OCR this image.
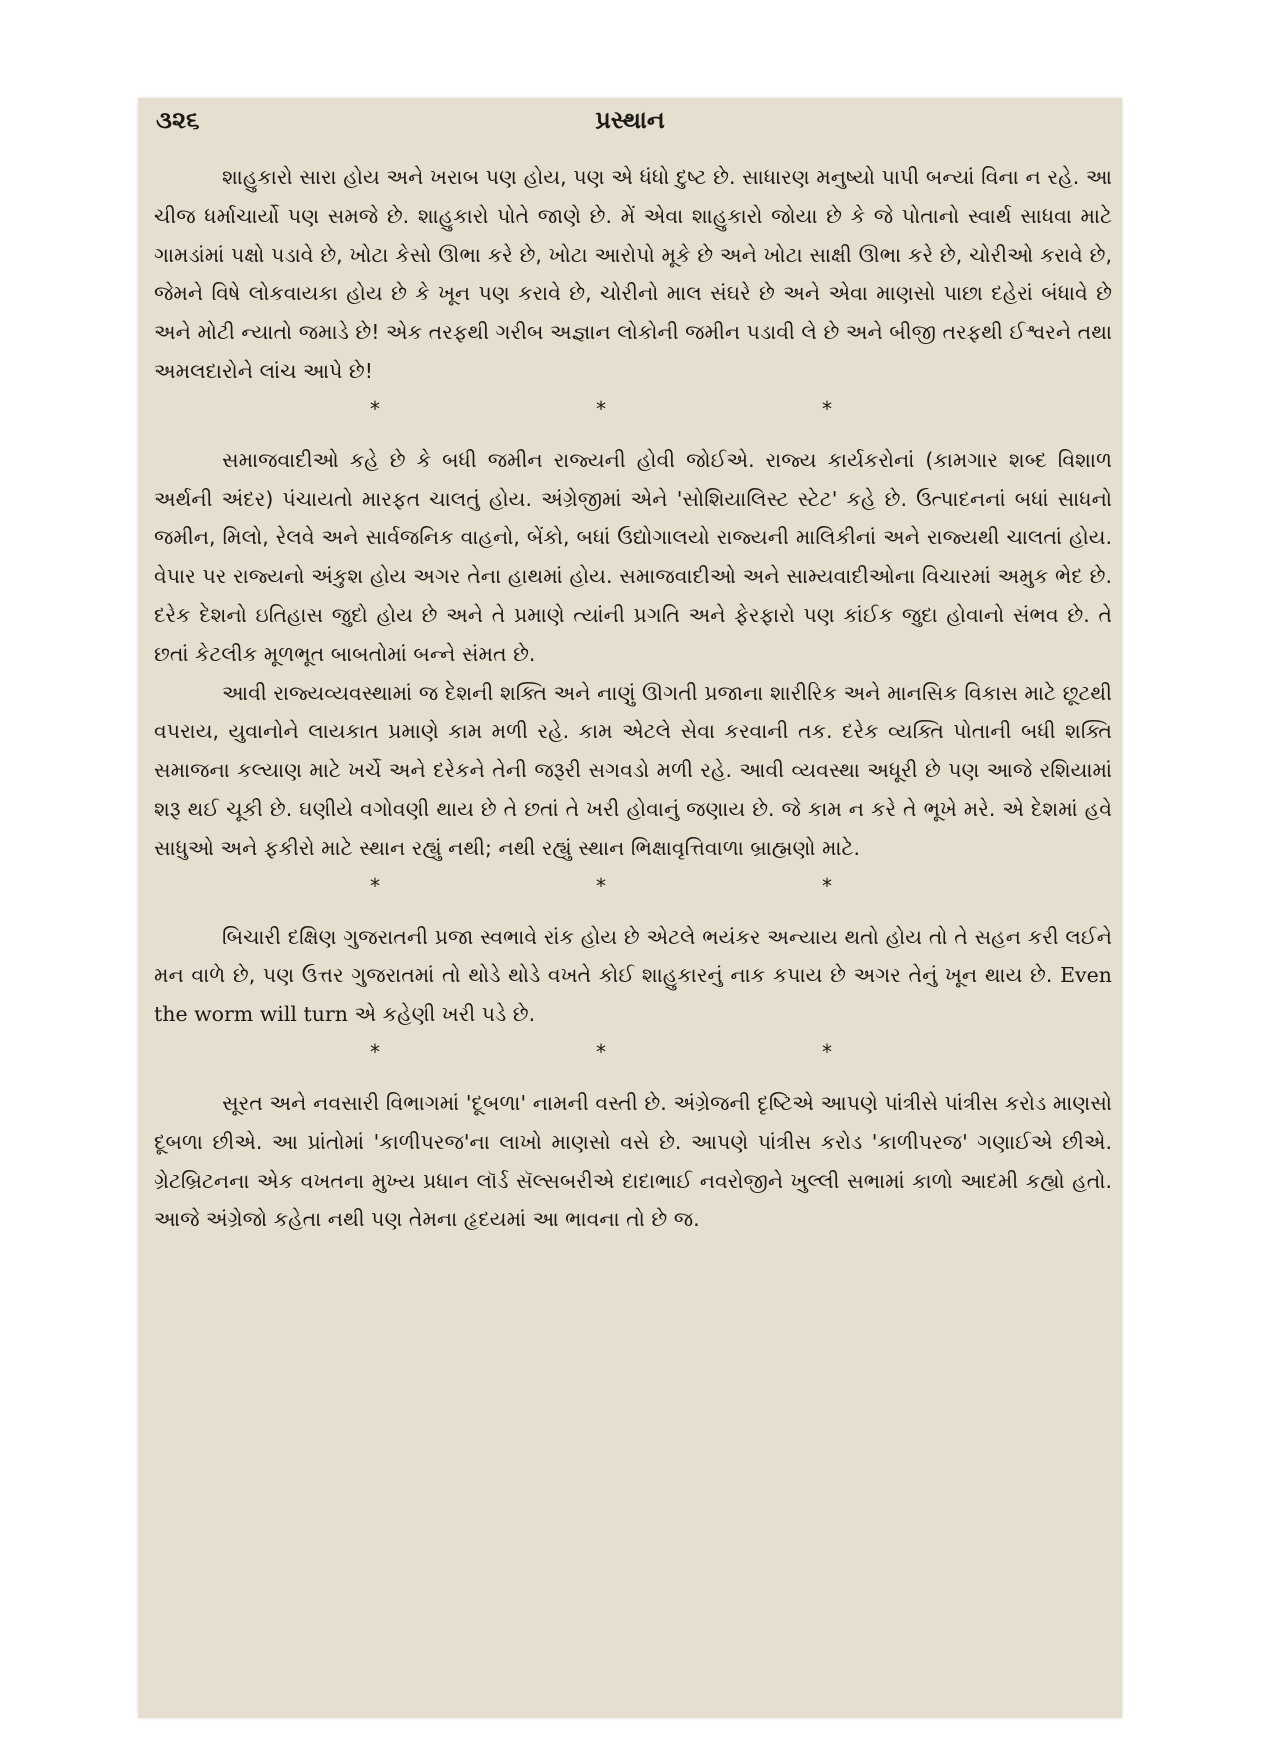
૩૨૬	પ્રસ્થાન

શાહુકારો સારા હોય અને ખરાબ પણ હોય, પણ એ ધંધો દુષ્ટ છે. સાધારણ મનુષ્યો પાપી બન્યાં વિના ન રહે. આ ચીજ ધર્માચાર્યો પણ સમજે છે. શાહુકારો પોતે જાણે છે. મેં એવા શાહુકારો જોયા છે કે જે પોતાનો સ્વાર્થ સાધવા માટે ગામડાંમાં પક્ષો પડાવે છે, ખોટા કેસો ઊભા કરે છે, ખોટા આરોપો મૂકે છે અને ખોટા સાક્ષી ઊભા કરે છે, ચોરીઓ કરાવે છે, જેમને વિષે લોકવાયકા હોય છે કે ખૂન પણ કરાવે છે, ચોરીનો માલ સંઘરે છે અને એવા માણસો પાછા દહેરાં બંધાવે છે અને મોટી ન્યાતો જમાડે છે! એક તરફથી ગરીબ અજ્ઞાન લોકોની જમીન પડાવી લે છે અને બીજી તરફથી ઈશ્વરને તથા અમલદારોને લાંચ આપે છે!

*	*	*

સમાજવાદીઓ કહે છે કે બધી જમીન રાજ્યની હોવી જોઈએ. રાજ્ય કાર્યકરોનાં (કામગાર શબ્દ વિશાળ અર્થની અંદર) પંચાયતો મારફત ચાલતું હોય. અંગ્રેજીમાં એને 'સોશિયાલિસ્ટ સ્ટેટ' કહે છે. ઉત્પાદનનાં બધાં સાધનો જમીન, મિલો, રેલવે અને સાર્વજનિક વાહનો, બેંકો, બધાં ઉદ્યોગાલયો રાજ્યની માલિકીનાં અને રાજ્યથી ચાલતાં હોય. વેપાર પર રાજ્યનો અંકુશ હોય અગર તેના હાથમાં હોય. સમાજવાદીઓ અને સામ્યવાદીઓના વિચારમાં અમુક ભેદ છે. દરેક દેશનો ઇતિહાસ જુદો હોય છે અને તે પ્રમાણે ત્યાંની પ્રગતિ અને ફેરફારો પણ કાંઈક જુદા હોવાનો સંભવ છે. તે છતાં કેટલીક મૂળભૂત બાબતોમાં બન્ને સંમત છે.

આવી રાજ્યવ્યવસ્થામાં જ દેશની શક્તિ અને નાણું ઊગતી પ્રજાના શારીરિક અને માનસિક વિકાસ માટે છૂટથી વપરાય, યુવાનોને લાયકાત પ્રમાણે કામ મળી રહે. કામ એટલે સેવા કરવાની તક. દરેક વ્યક્તિ પોતાની બધી શક્તિ સમાજના કલ્યાણ માટે ખર્ચે અને દરેકને તેની જરૂરી સગવડો મળી રહે. આવી વ્યવસ્થા અધૂરી છે પણ આજે રશિયામાં શરૂ થઈ ચૂકી છે. ઘણીયે વગોવણી થાય છે તે છતાં તે ખરી હોવાનું જણાય છે. જે કામ ન કરે તે ભૂખે મરે. એ દેશમાં હવે સાધુઓ અને ફકીરો માટે સ્થાન રહ્યું નથી; નથી રહ્યું સ્થાન ભિક્ષાવૃત્તિવાળા બ્રાહ્મણો માટે.

*	*	*

બિચારી દક્ષિણ ગુજરાતની પ્રજા સ્વભાવે રાંક હોય છે એટલે ભયંકર અન્યાય થતો હોય તો તે સહન કરી લઈને મન વાળે છે, પણ ઉત્તર ગુજરાતમાં તો થોડે થોડે વખતે કોઈ શાહુકારનું નાક કપાય છે અગર તેનું ખૂન થાય છે. Even the worm will turn એ કહેણી ખરી પડે છે.

*	*	*

સૂરત અને નવસારી વિભાગમાં 'દૂબળા' નામની વસ્તી છે. અંગ્રેજની દૃષ્ટિએ આપણે પાંત્રીસે પાંત્રીસ કરોડ માણસો દૂબળા છીએ. આ પ્રાંતોમાં 'કાળીપરજ'ના લાખો માણસો વસે છે. આપણે પાંત્રીસ કરોડ 'કાળીપરજ' ગણાઈએ છીએ. ગ્રેટબ્રિટનના એક વખતના મુખ્ય પ્રધાન લૉર્ડ સૅલ્સબરીએ દાદાભાઈ નવરોજીને ખુલ્લી સભામાં કાળો આદમી કહ્યો હતો. આજે અંગ્રેજો કહેતા નથી પણ તેમના હૃદયમાં આ ભાવના તો છે જ.
